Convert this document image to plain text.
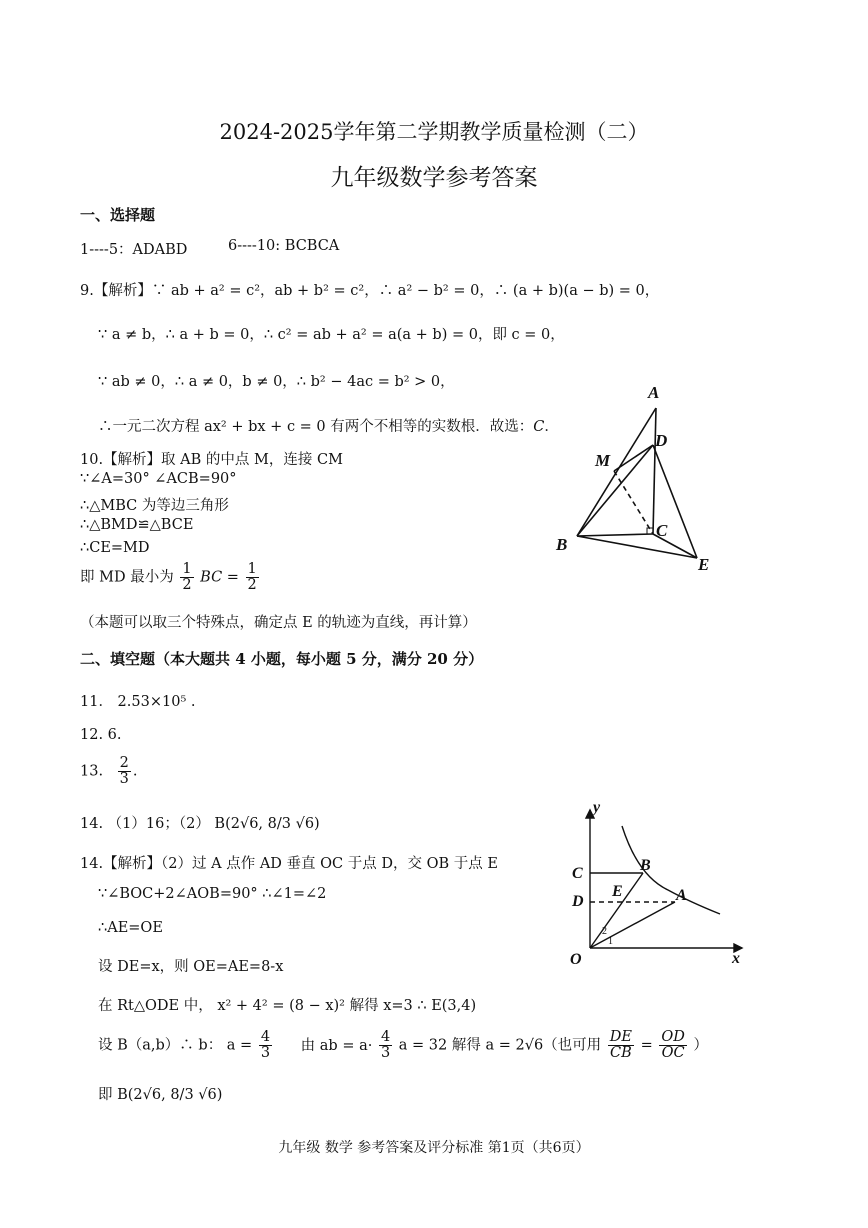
2024-2025学年第二学期教学质量检测（二）
九年级数学参考答案
一、选择题
1----5：ADABD	6----10: BCBCA
9.【解析】∵ ab + a² = c²，ab + b² = c²，∴ a² − b² = 0，∴ (a + b)(a − b) = 0，
∵ a ≠ b，∴ a + b = 0，∴ c² = ab + a² = a(a + b) = 0，即 c = 0，
∵ ab ≠ 0，∴ a ≠ 0，b ≠ 0，∴ b² − 4ac = b² > 0，
∴一元二次方程 ax² + bx + c = 0 有两个不相等的实数根．故选：C．
10.【解析】取 AB 的中点 M，连接 CM
∵∠A=30° ∠ACB=90°
∴△MBC 为等边三角形
∴△BMD≌△BCE
∴CE=MD
即 MD 最小为 $\frac{1}{2}$ BC = $\frac{1}{2}$
（本题可以取三个特殊点，确定点 E 的轨迹为直线，再计算）
A
D
M
C
B
E
二、填空题（本大题共 4 小题，每小题 5 分，满分 20 分）
11． 2.53×10⁵ .
12. 6.
13. $\frac{2}{3}$ .
14. （1）16；（2） B(2√6, 8/3 √6)
14.【解析】（2）过 A 点作 AD 垂直 OC 于点 D，交 OB 于点 E
∵∠BOC+2∠AOB=90° ∴∠1=∠2
∴AE=OE
设 DE=x，则 OE=AE=8-x
在 Rt△ODE 中， x² + 4² = (8 − x)² 解得 x=3 ∴ E(3,4)
设 B（a,b）∴ b： $a = \frac{4}{3}$ 由 ab = $a\cdot \frac{4}{3}$ a = 32 解得 a = 2√6（也可用 $\frac{DE}{CB} = \frac{OD}{OC}$ ）
即 B(2√6, 8/3 √6)
y
x
O
C
D
B
E	A
1
2
九年级 数学 参考答案及评分标准 第1页（共6页）
